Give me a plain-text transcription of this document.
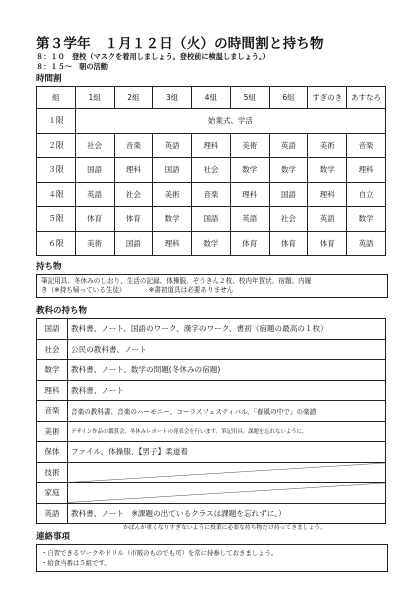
第３学年　１月１２日（火）の時間割と持ち物
８：１０　登校（マスクを着用しましょう。登校前に検温しましょう。）
８：１５～　朝の活動
時間割
組	1組	2組	3組	4組	5組	6組	すぎのき	あすなろ
１限	始業式、学活							
２限	社会	音楽	英語	理科	美術	英語	美術	音楽
３限	国語	理科	国語	社会	数学	数学	数学	理科
４限	英語	社会	美術	音楽	理科	国語	理科	自立
５限	体育	体育	数学	国語	英語	社会	英語	数学
６限	美術	国語	理科	数学	体育	体育	体育	英語
持ち物
筆記用具、冬休みのしおり、生活の記録、体操服、ぞうきん２枚、校内年賀状、宿題、内履
き（※持ち帰っている生徒）　　　　※書初道具は必要ありません
教科の持ち物
国語	教科書、ノート、国語のワーク、漢字のワーク、書初（宿題の最高の１枚）
社会	公民の教科書、ノート
数学	教科書、ノート、数学の問題(冬休みの宿題)
理科	教科書、ノート
音楽	音楽の教科書、音楽のハーモニー、コーラスフェスティバル、「春風の中で」の楽譜
美術	デザイン作品の鑑賞会、冬休みレポートの発表会を行います。筆記用具、課題を忘れないように。
保体	ファイル、体操服、【男子】柔道着
技術	

家庭	

英語	教科書、ノート　※課題の出ているクラスは課題を忘れずに。）
かばんが重くなりすぎないように授業に必要な持ち物だけ持ってきましょう。
連絡事項
・自習できるワークやドリル（市販のものでも可）を常に持参しておきましょう。
・給食当番は５組です。
